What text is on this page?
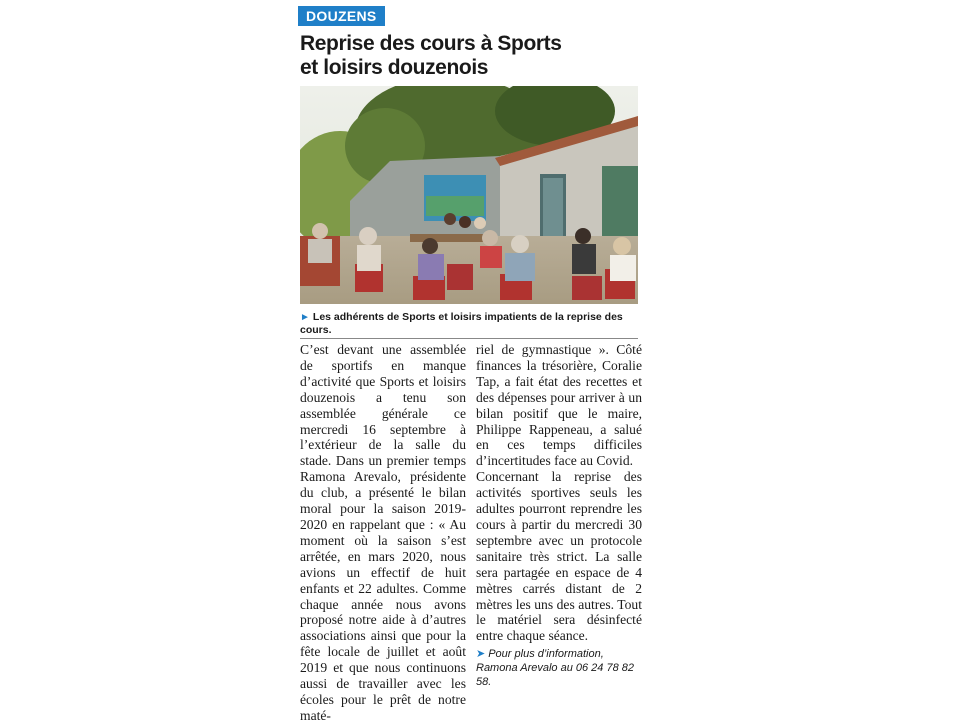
DOUZENS
Reprise des cours à Sports
et loisirs douzenois
► Les adhérents de Sports et loisirs impatients de la reprise des cours.

C’est devant une assemblée de sportifs en manque d’activité que Sports et loisirs douzenois a tenu son assemblée générale ce mercredi 16 septembre à l’extérieur de la salle du stade. Dans un premier temps Ramona Arevalo, présidente du club, a présenté le bilan moral pour la saison 2019-2020 en rappelant que : « Au moment où la saison s’est arrêtée, en mars 2020, nous avions un effectif de huit enfants et 22 adultes. Comme chaque année nous avons proposé notre aide à d’autres associations ainsi que pour la fête locale de juillet et août 2019 et que nous continuons aussi de travailler avec les écoles pour le prêt de notre maté-

riel de gymnastique ». Côté finances la trésorière, Coralie Tap, a fait état des recettes et des dépenses pour arriver à un bilan positif que le maire, Philippe Rappeneau, a salué en ces temps difficiles d’incertitudes face au Covid.

Concernant la reprise des activités sportives seuls les adultes pourront reprendre les cours à partir du mercredi 30 septembre avec un protocole sanitaire très strict. La salle sera partagée en espace de 4 mètres carrés distant de 2 mètres les uns des autres. Tout le matériel sera désinfecté entre chaque séance.

➤ Pour plus d’information, Ramona Arevalo au 06 24 78 82 58.
